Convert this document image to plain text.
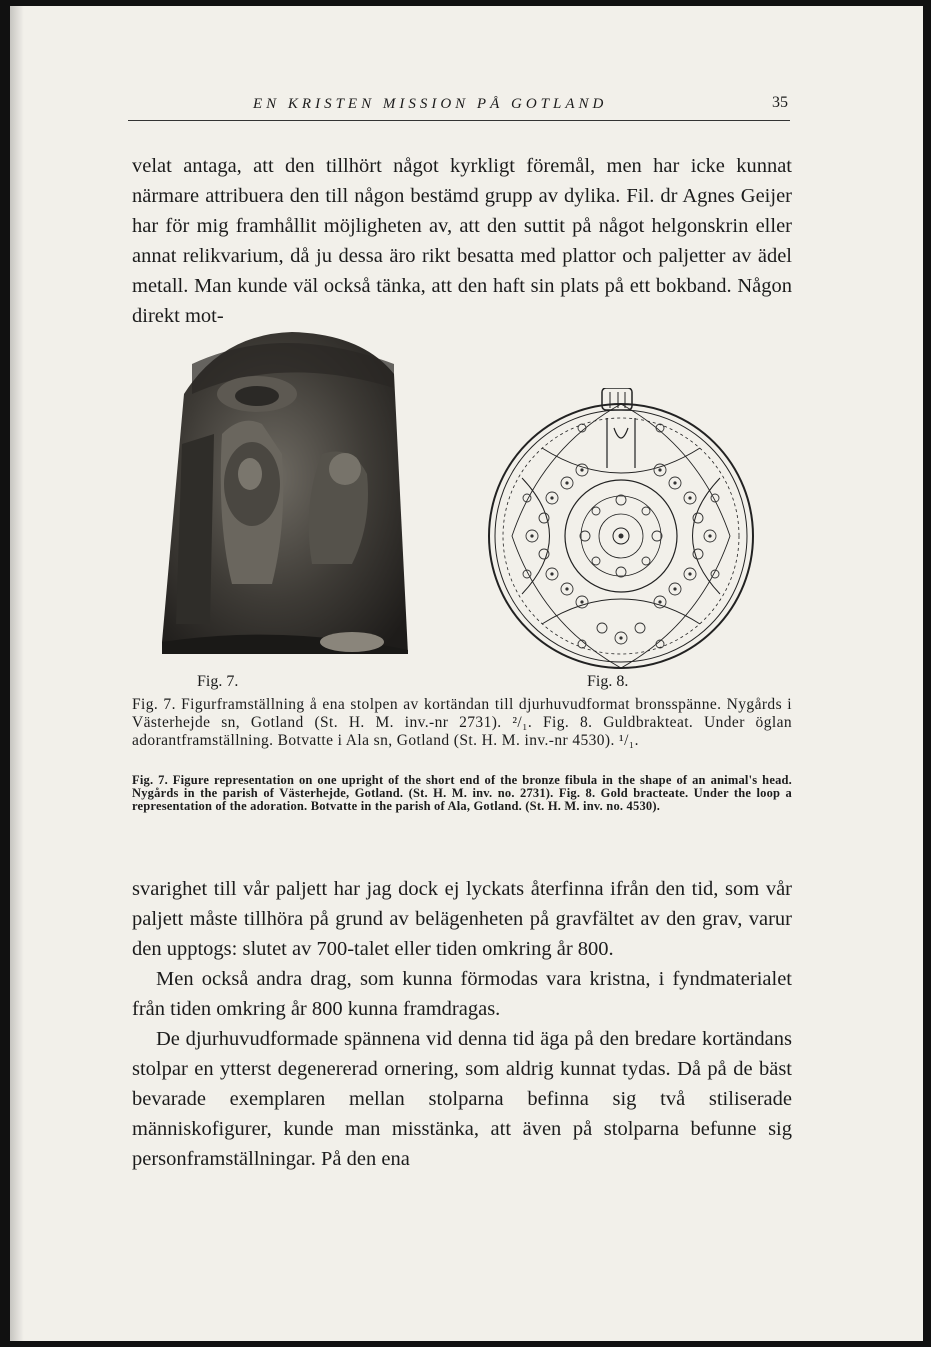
EN KRISTEN MISSION PÅ GOTLAND	35

velat antaga, att den tillhört något kyrkligt föremål, men har icke kunnat närmare attribuera den till någon bestämd grupp av dylika. Fil. dr Agnes Geijer har för mig framhållit möjligheten av, att den suttit på något helgonskrin eller annat relikvarium, då ju dessa äro rikt besatta med plattor och paljetter av ädel metall. Man kunde väl också tänka, att den haft sin plats på ett bokband. Någon direkt mot-

Fig. 7.	Fig. 8.

Fig. 7. Figurframställning å ena stolpen av kortändan till djurhuvudformat bronsspänne. Nygårds i Västerhejde sn, Gotland (St. H. M. inv.-nr 2731). ²/₁. Fig. 8. Guldbrakteat. Under öglan adorantframställning. Botvatte i Ala sn, Gotland (St. H. M. inv.-nr 4530). ¹/₁.

Fig. 7. Figure representation on one upright of the short end of the bronze fibula in the shape of an animal's head. Nygårds in the parish of Västerhejde, Gotland. (St. H. M. inv. no. 2731). Fig. 8. Gold bracteate. Under the loop a representation of the adoration. Botvatte in the parish of Ala, Gotland. (St. H. M. inv. no. 4530).

svarighet till vår paljett har jag dock ej lyckats återfinna ifrån den tid, som vår paljett måste tillhöra på grund av belägenheten på gravfältet av den grav, varur den upptogs: slutet av 700-talet eller tiden omkring år 800.

Men också andra drag, som kunna förmodas vara kristna, i fyndmaterialet från tiden omkring år 800 kunna framdragas.

De djurhuvudformade spännena vid denna tid äga på den bredare kortändans stolpar en ytterst degenererad ornering, som aldrig kunnat tydas. Då på de bäst bevarade exemplaren mellan stolparna befinna sig två stiliserade människofigurer, kunde man misstänka, att även på stolparna befunne sig personframställningar. På den ena
